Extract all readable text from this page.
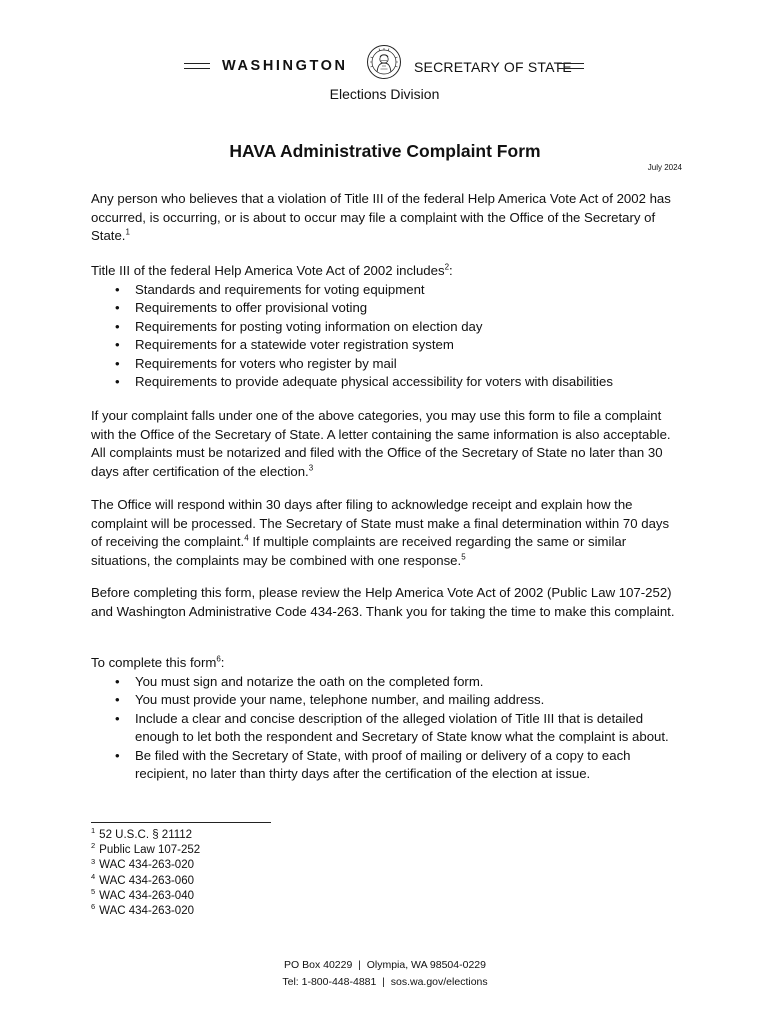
WASHINGTON	SECRETARY OF STATE
Elections Division
HAVA Administrative Complaint Form
July 2024

Any person who believes that a violation of Title III of the federal Help America Vote Act of 2002 has occurred, is occurring, or is about to occur may file a complaint with the Office of the Secretary of State.$^1$

Title III of the federal Help America Vote Act of 2002 includes$^2$:

• Standards and requirements for voting equipment
• Requirements to offer provisional voting
• Requirements for posting voting information on election day
• Requirements for a statewide voter registration system
• Requirements for voters who register by mail
• Requirements to provide adequate physical accessibility for voters with disabilities

If your complaint falls under one of the above categories, you may use this form to file a complaint with the Office of the Secretary of State. A letter containing the same information is also acceptable. All complaints must be notarized and filed with the Office of the Secretary of State no later than 30 days after certification of the election.$^3$

The Office will respond within 30 days after filing to acknowledge receipt and explain how the complaint will be processed. The Secretary of State must make a final determination within 70 days of receiving the complaint.$^4$ If multiple complaints are received regarding the same or similar situations, the complaints may be combined with one response.$^5$

Before completing this form, please review the Help America Vote Act of 2002 (Public Law 107-252) and Washington Administrative Code 434-263. Thank you for taking the time to make this complaint.

To complete this form$^6$:

• You must sign and notarize the oath on the completed form.
• You must provide your name, telephone number, and mailing address.
• Include a clear and concise description of the alleged violation of Title III that is detailed enough to let both the respondent and Secretary of State know what the complaint is about.
• Be filed with the Secretary of State, with proof of mailing or delivery of a copy to each recipient, no later than thirty days after the certification of the election at issue.
$^1$ 52 U.S.C. § 21112
$^2$ Public Law 107-252
$^3$ WAC 434-263-020
$^4$ WAC 434-263-060
$^5$ WAC 434-263-040
$^6$ WAC 434-263-020
PO Box 40229  |  Olympia, WA 98504-0229
Tel: 1-800-448-4881  |  sos.wa.gov/elections
